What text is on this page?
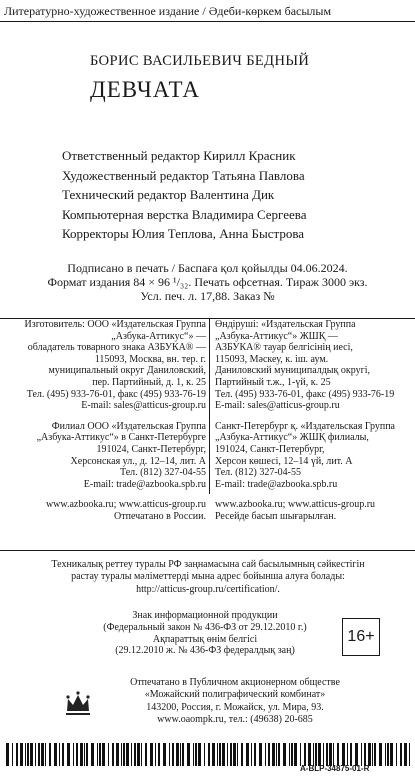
Литературно-художественное издание / Әдеби-көркем басылым
БОРИС ВАСИЛЬЕВИЧ БЕДНЫЙ
ДЕВЧАТА
Ответственный редактор Кирилл Красник
Художественный редактор Татьяна Павлова
Технический редактор Валентина Дик
Компьютерная верстка Владимира Сергеева
Корректоры Юлия Теплова, Анна Быстрова
Подписано в печать / Баспаға қол қойылды 04.06.2024.
Формат издания 84 × 96 ¹/₃₂. Печать офсетная. Тираж 3000 экз.
Усл. печ. л. 17,88. Заказ №
Изготовитель: ООО «Издательская Группа
„Азбука-Аттикус“» —
обладатель товарного знака АЗБУКА® —
115093, Москва, вн. тер. г.
муниципальный округ Даниловский,
пер. Партийный, д. 1, к. 25
Тел. (495) 933-76-01, факс (495) 933-76-19
E-mail: sales@atticus-group.ru
Филиал ООО «Издательская Группа
„Азбука-Аттикус“» в Санкт-Петербурге
191024, Санкт-Петербург,
Херсонская ул., д. 12–14, лит. А
Тел. (812) 327-04-55
E-mail: trade@azbooka.spb.ru
www.azbooka.ru; www.atticus-group.ru
Отпечатано в России.
Өндіруші: «Издательская Группа
„Азбука-Аттикус“» ЖШҚ —
АЗБУКА® тауар белгісінің иесі,
115093, Мәскеу, к. іш. аум.
Даниловский муниципалдық округі,
Партийный т.ж., 1-үй, к. 25
Тел. (495) 933-76-01, факс (495) 933-76-19
E-mail: sales@atticus-group.ru
Санкт-Петербург қ. «Издательская Группа
„Азбука-Аттикус“» ЖШҚ филиалы,
191024, Санкт-Петербург,
Херсон көшесі, 12–14 үй, лит. А
Тел. (812) 327-04-55
E-mail: trade@azbooka.spb.ru
www.azbooka.ru; www.atticus-group.ru
Ресейде басып шығарылған.
Техникалық реттеу туралы РФ заңнамасына сай басылымның сәйкестігін
растау туралы мәліметтерді мына адрес бойынша алуға болады:
http://atticus-group.ru/certification/.
Знак информационной продукции
(Федеральный закон № 436-ФЗ от 29.12.2010 г.)
Ақпараттық өнім белгісі
(29.12.2010 ж. № 436-ФЗ федералдық заң)
16+
Отпечатано в Публичном акционерном обществе
«Можайский полиграфический комбинат»
143200, Россия, г. Можайск, ул. Мира, 93.
www.oaompk.ru, тел.: (49638) 20-685
A-BLP-34875-01-R
